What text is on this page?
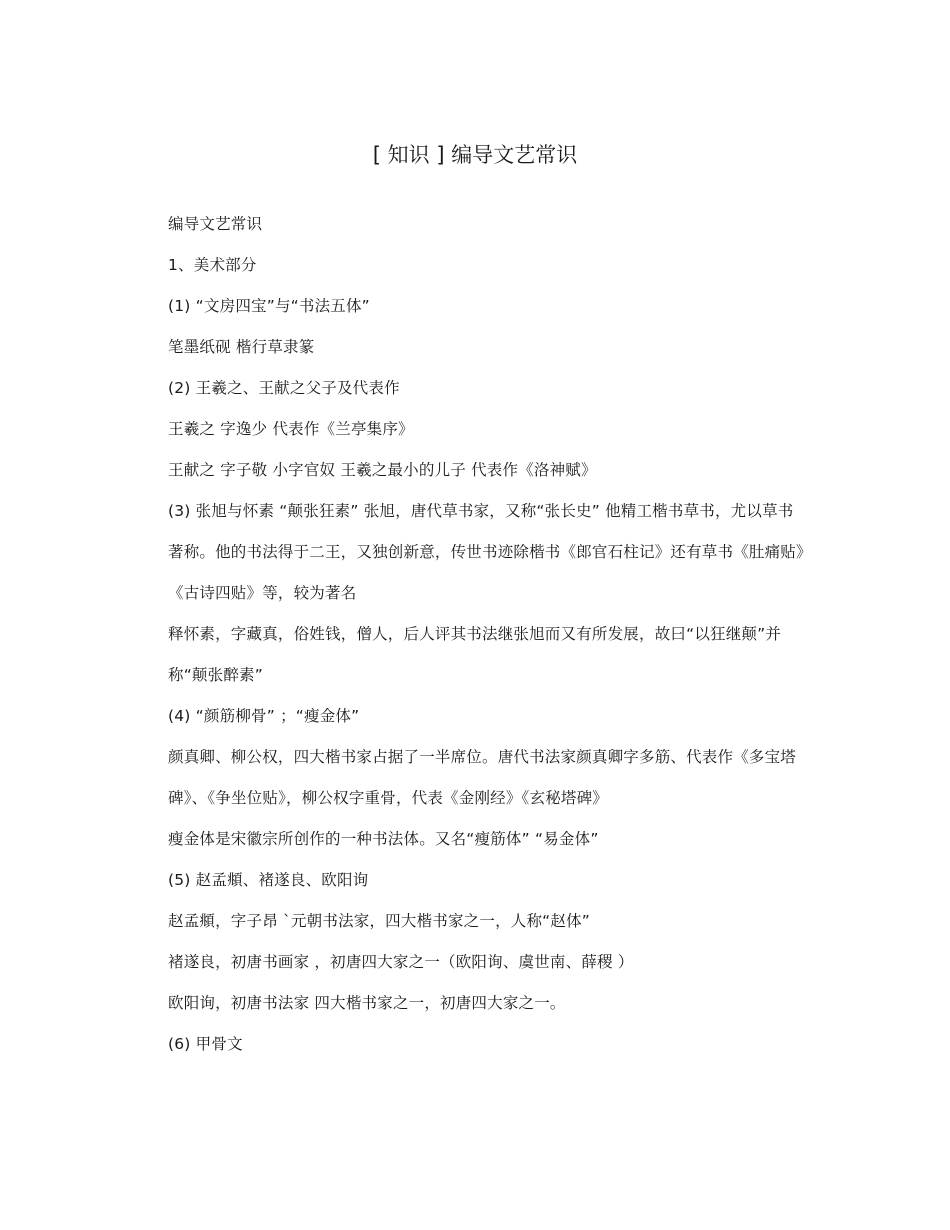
[ 知识 ] 编导文艺常识

编导文艺常识

1、美术部分

(1) “文房四宝”与“书法五体”

笔墨纸砚 楷行草隶篆

(2) 王羲之、王献之父子及代表作

王羲之 字逸少 代表作《兰亭集序》

王献之 字子敬 小字官奴 王羲之最小的儿子 代表作《洛神赋》

(3) 张旭与怀素 “颠张狂素” 张旭，唐代草书家，又称“张长史” 他精工楷书草书，尤以草书著称。他的书法得于二王，又独创新意，传世书迹除楷书《郎官石柱记》还有草书《肚痛贴》《古诗四贴》等，较为著名

释怀素，字藏真，俗姓钱，僧人，后人评其书法继张旭而又有所发展，故曰“以狂继颠”并称“颠张醉素”

(4) “颜筋柳骨” ；“瘦金体”

颜真卿、柳公权，四大楷书家占据了一半席位。唐代书法家颜真卿字多筋、代表作《多宝塔碑》、《争坐位贴》，柳公权字重骨，代表《金刚经》《玄秘塔碑》

瘦金体是宋徽宗所创作的一种书法体。又名“瘦筋体” “易金体”

(5) 赵孟頫、褚遂良、欧阳询

赵孟頫，字子昂 `元朝书法家，四大楷书家之一，人称“赵体”

褚遂良，初唐书画家 ，初唐四大家之一（欧阳询、虞世南、薛稷 ）

欧阳询，初唐书法家 四大楷书家之一，初唐四大家之一。

(6) 甲骨文
